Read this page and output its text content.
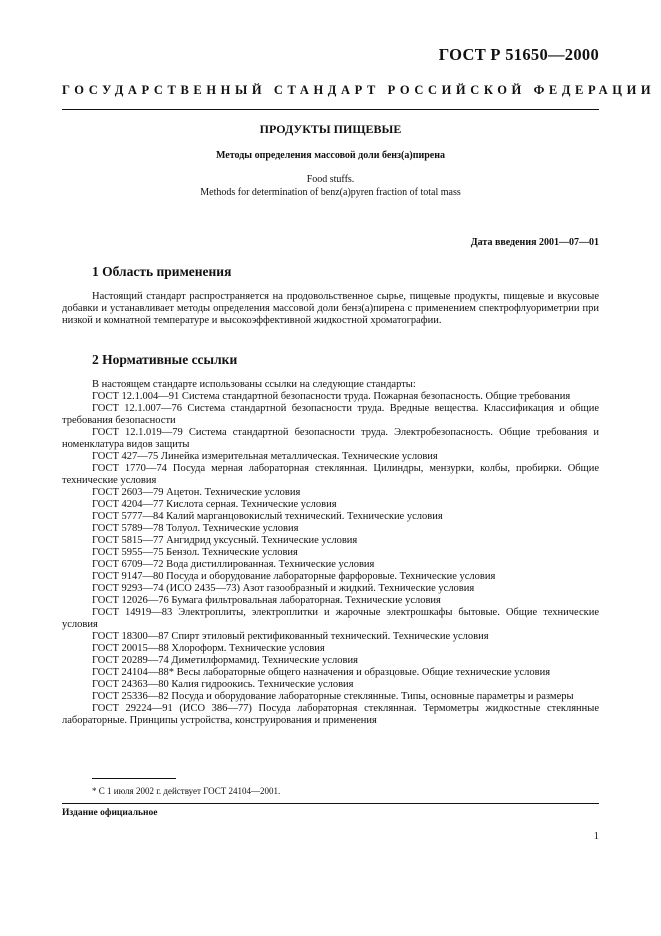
ГОСТ Р 51650—2000
ГОСУДАРСТВЕННЫЙ СТАНДАРТ РОССИЙСКОЙ ФЕДЕРАЦИИ
ПРОДУКТЫ ПИЩЕВЫЕ
Методы определения массовой доли бенз(а)пирена
Food stuffs.
Methods for determination of benz(a)pyren fraction of total mass
Дата введения 2001—07—01
1 Область применения

Настоящий стандарт распространяется на продовольственное сырье, пищевые продукты, пищевые и вкусовые добавки и устанавливает методы определения массовой доли бенз(а)пирена с применением спектрофлуориметрии при низкой и комнатной температуре и высокоэффективной жидкостной хроматографии.

2 Нормативные ссылки

В настоящем стандарте использованы ссылки на следующие стандарты:

ГОСТ 12.1.004—91 Система стандартной безопасности труда. Пожарная безопасность. Общие требования

ГОСТ 12.1.007—76 Система стандартной безопасности труда. Вредные вещества. Классификация и общие требования безопасности

ГОСТ 12.1.019—79 Система стандартной безопасности труда. Электробезопасность. Общие требования и номенклатура видов защиты

ГОСТ 427—75 Линейка измерительная металлическая. Технические условия

ГОСТ 1770—74 Посуда мерная лабораторная стеклянная. Цилиндры, мензурки, колбы, пробирки. Общие технические условия

ГОСТ 2603—79 Ацетон. Технические условия

ГОСТ 4204—77 Кислота серная. Технические условия

ГОСТ 5777—84 Калий марганцовокислый технический. Технические условия

ГОСТ 5789—78 Толуол. Технические условия

ГОСТ 5815—77 Ангидрид уксусный. Технические условия

ГОСТ 5955—75 Бензол. Технические условия

ГОСТ 6709—72 Вода дистиллированная. Технические условия

ГОСТ 9147—80 Посуда и оборудование лабораторные фарфоровые. Технические условия

ГОСТ 9293—74 (ИСО 2435—73) Азот газообразный и жидкий. Технические условия

ГОСТ 12026—76 Бумага фильтровальная лабораторная. Технические условия

ГОСТ 14919—83 Электроплиты, электроплитки и жарочные электрошкафы бытовые. Общие технические условия

ГОСТ 18300—87 Спирт этиловый ректификованный технический. Технические условия

ГОСТ 20015—88 Хлороформ. Технические условия

ГОСТ 20289—74 Диметилформамид. Технические условия

ГОСТ 24104—88* Весы лабораторные общего назначения и образцовые. Общие технические условия

ГОСТ 24363—80 Калия гидроокись. Технические условия

ГОСТ 25336—82 Посуда и оборудование лабораторные стеклянные. Типы, основные параметры и размеры

ГОСТ 29224—91 (ИСО 386—77) Посуда лабораторная стеклянная. Термометры жидкостные стеклянные лабораторные. Принципы устройства, конструирования и применения

* С 1 июля 2002 г. действует ГОСТ 24104—2001.
Издание официальное
1
